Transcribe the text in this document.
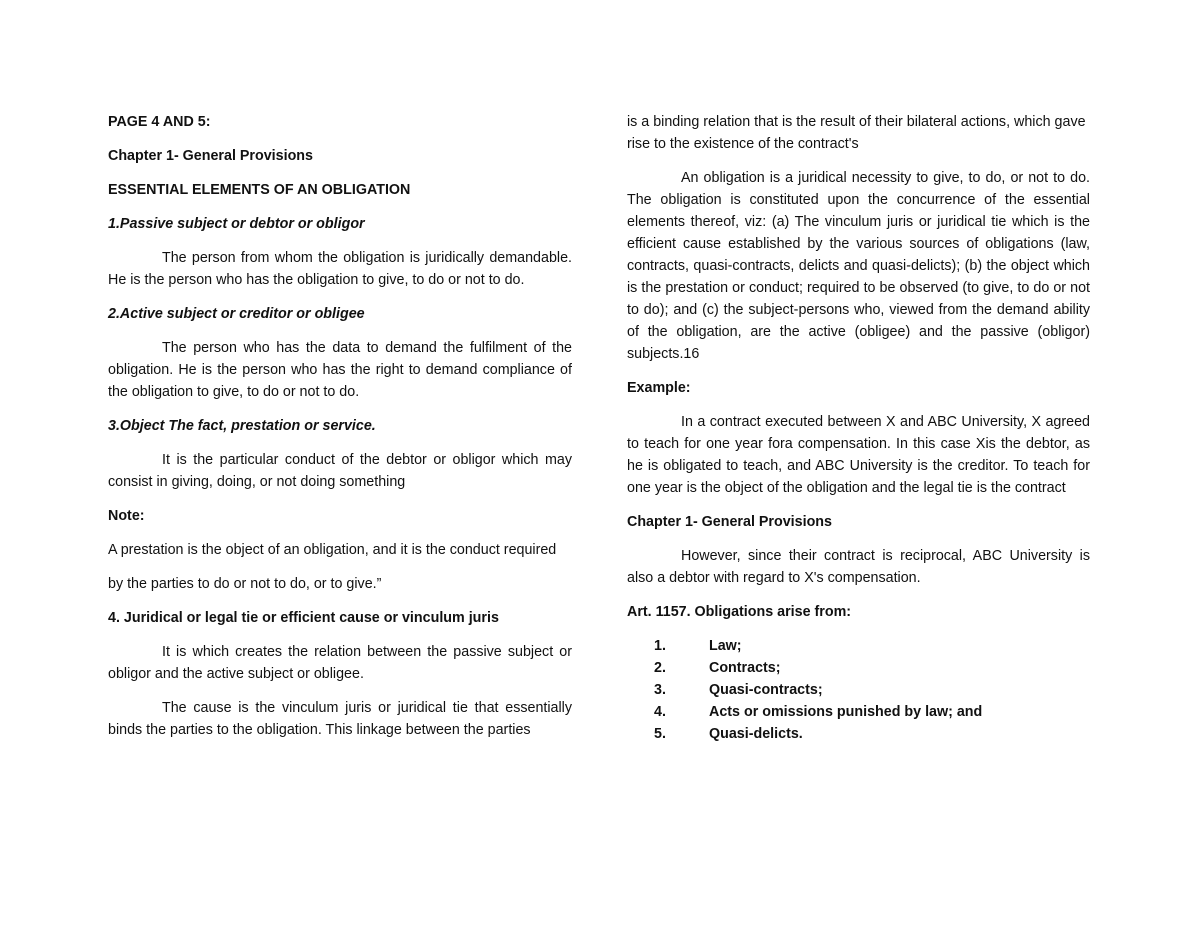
PAGE 4 AND 5:

Chapter 1- General Provisions

ESSENTIAL ELEMENTS OF AN OBLIGATION

1.Passive subject or debtor or obligor

The person from whom the obligation is juridically demandable. He is the person who has the obligation to give, to do or not to do.

2.Active subject or creditor or obligee

The person who has the data to demand the fulfilment of the obligation. He is the person who has the right to demand compliance of the obligation to give, to do or not to do.

3.Object The fact, prestation or service.

It is the particular conduct of the debtor or obligor which may consist in giving, doing, or not doing something

Note:

A prestation is the object of an obligation, and it is the conduct required

by the parties to do or not to do, or to give.”

4. Juridical or legal tie or efficient cause or vinculum juris

It is which creates the relation between the passive subject or obligor and the active subject or obligee.

The cause is the vinculum juris or juridical tie that essentially binds the parties to the obligation. This linkage between the parties

is a binding relation that is the result of their bilateral actions, which gave rise to the existence of the contract's

An obligation is a juridical necessity to give, to do, or not to do. The obligation is constituted upon the concurrence of the essential elements thereof, viz: (a) The vinculum juris or juridical tie which is the efficient cause established by the various sources of obligations (law, contracts, quasi-contracts, delicts and quasi-delicts); (b) the object which is the prestation or conduct; required to be observed (to give, to do or not to do); and (c) the subject-persons who, viewed from the demand ability of the obligation, are the active (obligee) and the passive (obligor) subjects.16

Example:

In a contract executed between X and ABC University, X agreed to teach for one year fora compensation. In this case Xis the debtor, as he is obligated to teach, and ABC University is the creditor. To teach for one year is the object of the obligation and the legal tie is the contract

Chapter 1- General Provisions

However, since their contract is reciprocal, ABC University is also a debtor with regard to X's compensation.

Art. 1157. Obligations arise from:

1.	Law;
2.	Contracts;
3.	Quasi-contracts;
4.	Acts or omissions punished by law; and
5.	Quasi-delicts.
